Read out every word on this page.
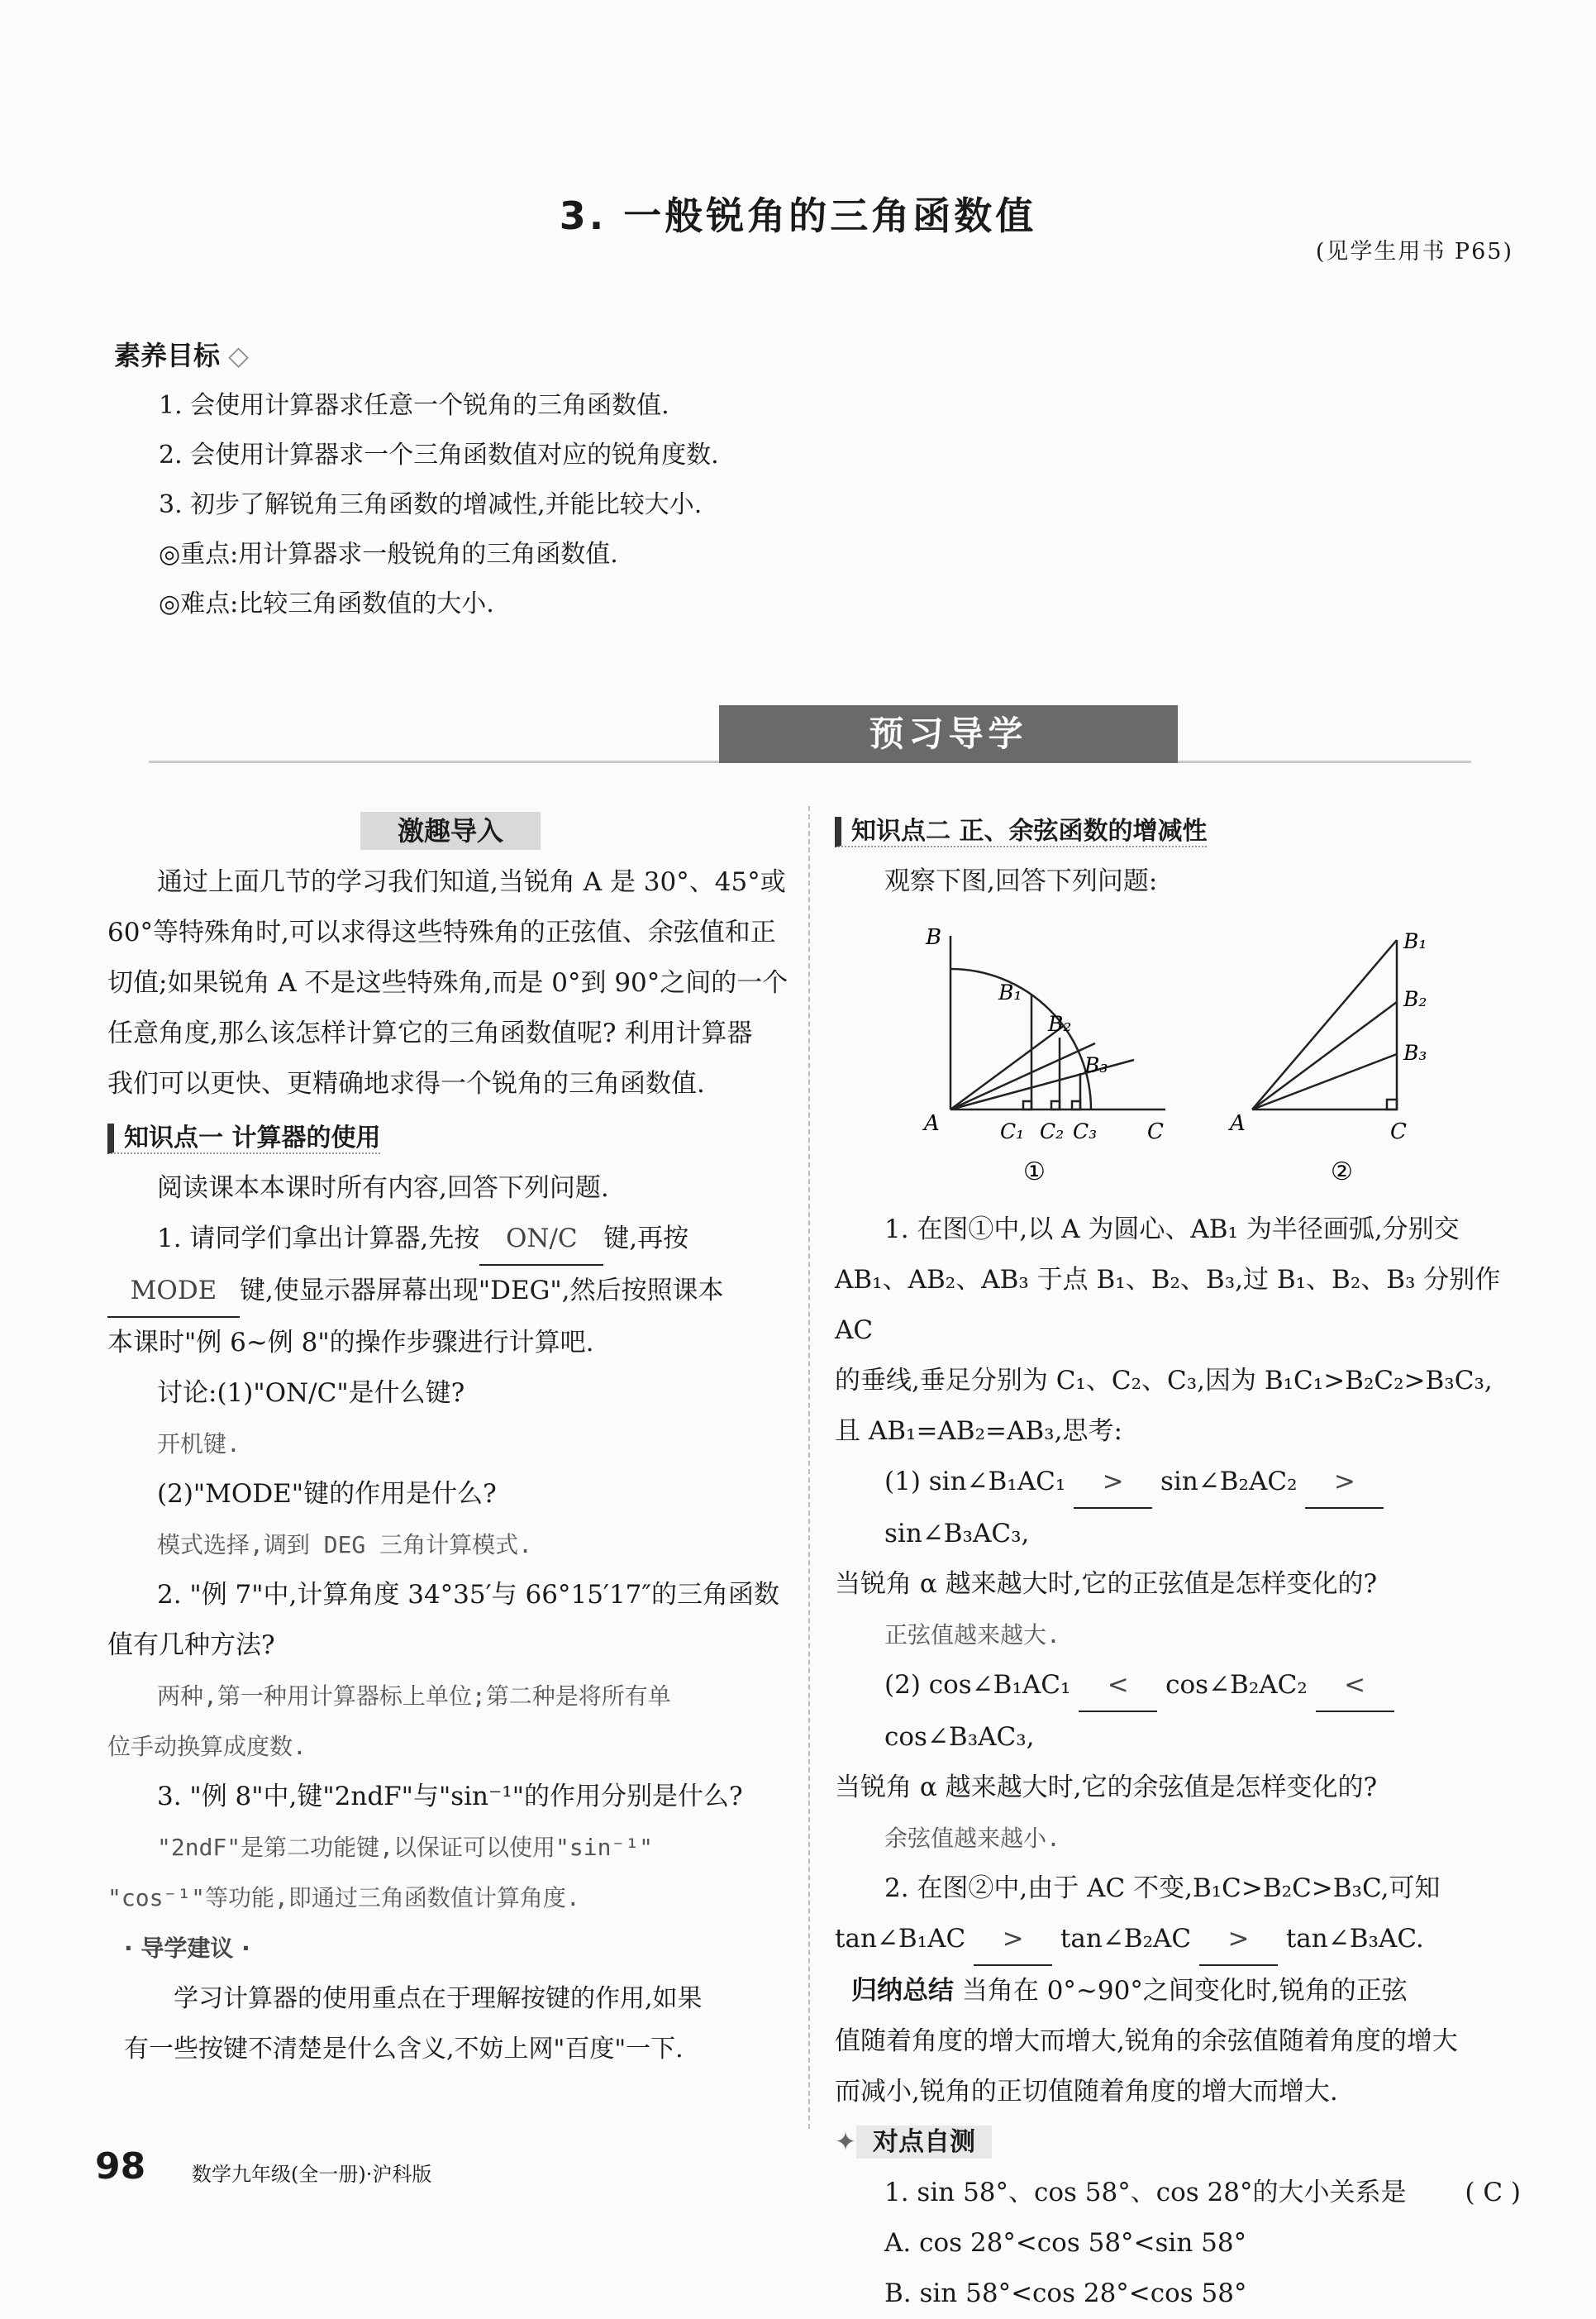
3. 一般锐角的三角函数值
(见学生用书 P65)
素养目标 ◇
1. 会使用计算器求任意一个锐角的三角函数值.
2. 会使用计算器求一个三角函数值对应的锐角度数.
3. 初步了解锐角三角函数的增减性,并能比较大小.
◎重点:用计算器求一般锐角的三角函数值.
◎难点:比较三角函数值的大小.
预习导学
激趣导入
通过上面几节的学习我们知道,当锐角 A 是 30°、45°或
60°等特殊角时,可以求得这些特殊角的正弦值、余弦值和正
切值;如果锐角 A 不是这些特殊角,而是 0°到 90°之间的一个
任意角度,那么该怎样计算它的三角函数值呢? 利用计算器
我们可以更快、更精确地求得一个锐角的三角函数值.
知识点一 计算器的使用
阅读课本本课时所有内容,回答下列问题.
1. 请同学们拿出计算器,先按 ON/C 键,再按
MODE 键,使显示器屏幕出现"DEG",然后按照课本
本课时"例 6~例 8"的操作步骤进行计算吧.
讨论:(1)"ON/C"是什么键?
开机键.
(2)"MODE"键的作用是什么?
模式选择,调到 DEG 三角计算模式.
2. "例 7"中,计算角度 34°35′与 66°15′17″的三角函数
值有几种方法?
两种,第一种用计算器标上单位;第二种是将所有单
位手动换算成度数.
3. "例 8"中,键"2ndF"与"sin⁻¹"的作用分别是什么?
"2ndF"是第二功能键,以保证可以使用"sin⁻¹"
"cos⁻¹"等功能,即通过三角函数值计算角度.
· 导学建议 ·
学习计算器的使用重点在于理解按键的作用,如果
有一些按键不清楚是什么含义,不妨上网"百度"一下.
知识点二 正、余弦函数的增减性
观察下图,回答下列问题:
B
B₁
B₂
B₃
A	C₁ C₂ C₃ C
①
B₁
B₂
B₃
A	C
②
1. 在图①中,以 A 为圆心、AB₁ 为半径画弧,分别交
AB₁、AB₂、AB₃ 于点 B₁、B₂、B₃,过 B₁、B₂、B₃ 分别作 AC
的垂线,垂足分别为 C₁、C₂、C₃,因为 B₁C₁>B₂C₂>B₃C₃,
且 AB₁=AB₂=AB₃,思考:
(1) sin∠B₁AC₁ > sin∠B₂AC₂ > sin∠B₃AC₃,
当锐角 α 越来越大时,它的正弦值是怎样变化的?
正弦值越来越大.
(2) cos∠B₁AC₁ < cos∠B₂AC₂ < cos∠B₃AC₃,
当锐角 α 越来越大时,它的余弦值是怎样变化的?
余弦值越来越小.
2. 在图②中,由于 AC 不变,B₁C>B₂C>B₃C,可知
tan∠B₁AC > tan∠B₂AC > tan∠B₃AC.
归纳总结 当角在 0°~90°之间变化时,锐角的正弦
值随着角度的增大而增大,锐角的余弦值随着角度的增大
而减小,锐角的正切值随着角度的增大而增大.
✦ 对点自测
1. sin 58°、cos 58°、cos 28°的大小关系是 ( C )
A. cos 28°<cos 58°<sin 58°
B. sin 58°<cos 28°<cos 58°
98 数学九年级(全一册)·沪科版
